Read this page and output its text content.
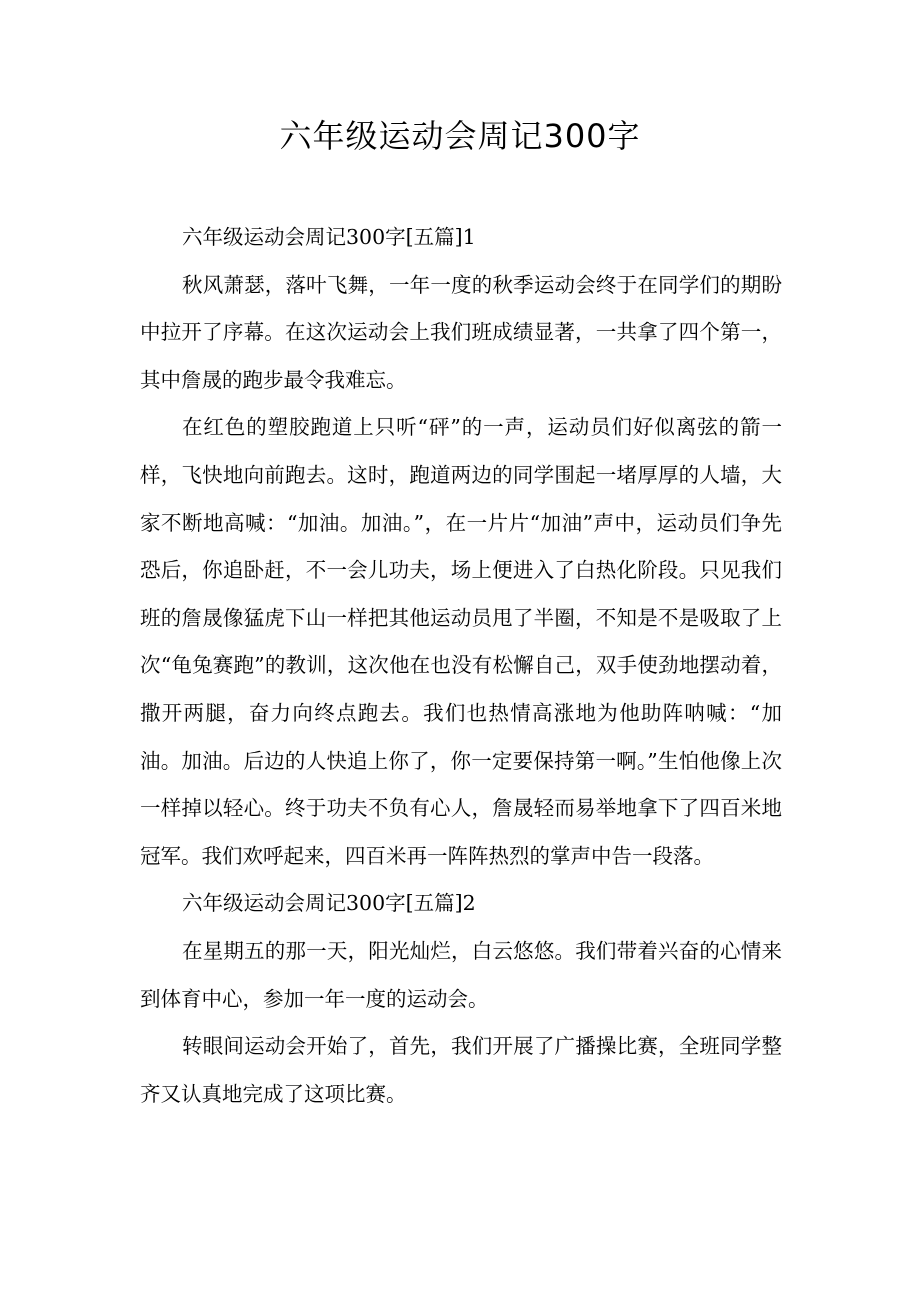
六年级运动会周记300字

六年级运动会周记300字[五篇]1

秋风萧瑟，落叶飞舞，一年一度的秋季运动会终于在同学们的期盼中拉开了序幕。在这次运动会上我们班成绩显著，一共拿了四个第一，其中詹晟的跑步最令我难忘。

在红色的塑胶跑道上只听“砰”的一声，运动员们好似离弦的箭一样，飞快地向前跑去。这时，跑道两边的同学围起一堵厚厚的人墙，大家不断地高喊：“加油。加油。”，在一片片“加油”声中，运动员们争先恐后，你追卧赶，不一会儿功夫，场上便进入了白热化阶段。只见我们班的詹晟像猛虎下山一样把其他运动员甩了半圈，不知是不是吸取了上次“龟兔赛跑”的教训，这次他在也没有松懈自己，双手使劲地摆动着，撒开两腿，奋力向终点跑去。我们也热情高涨地为他助阵呐喊：“加油。加油。后边的人快追上你了，你一定要保持第一啊。”生怕他像上次一样掉以轻心。终于功夫不负有心人，詹晟轻而易举地拿下了四百米地冠军。我们欢呼起来，四百米再一阵阵热烈的掌声中告一段落。

六年级运动会周记300字[五篇]2

在星期五的那一天，阳光灿烂，白云悠悠。我们带着兴奋的心情来到体育中心，参加一年一度的运动会。

转眼间运动会开始了，首先，我们开展了广播操比赛，全班同学整齐又认真地完成了这项比赛。
